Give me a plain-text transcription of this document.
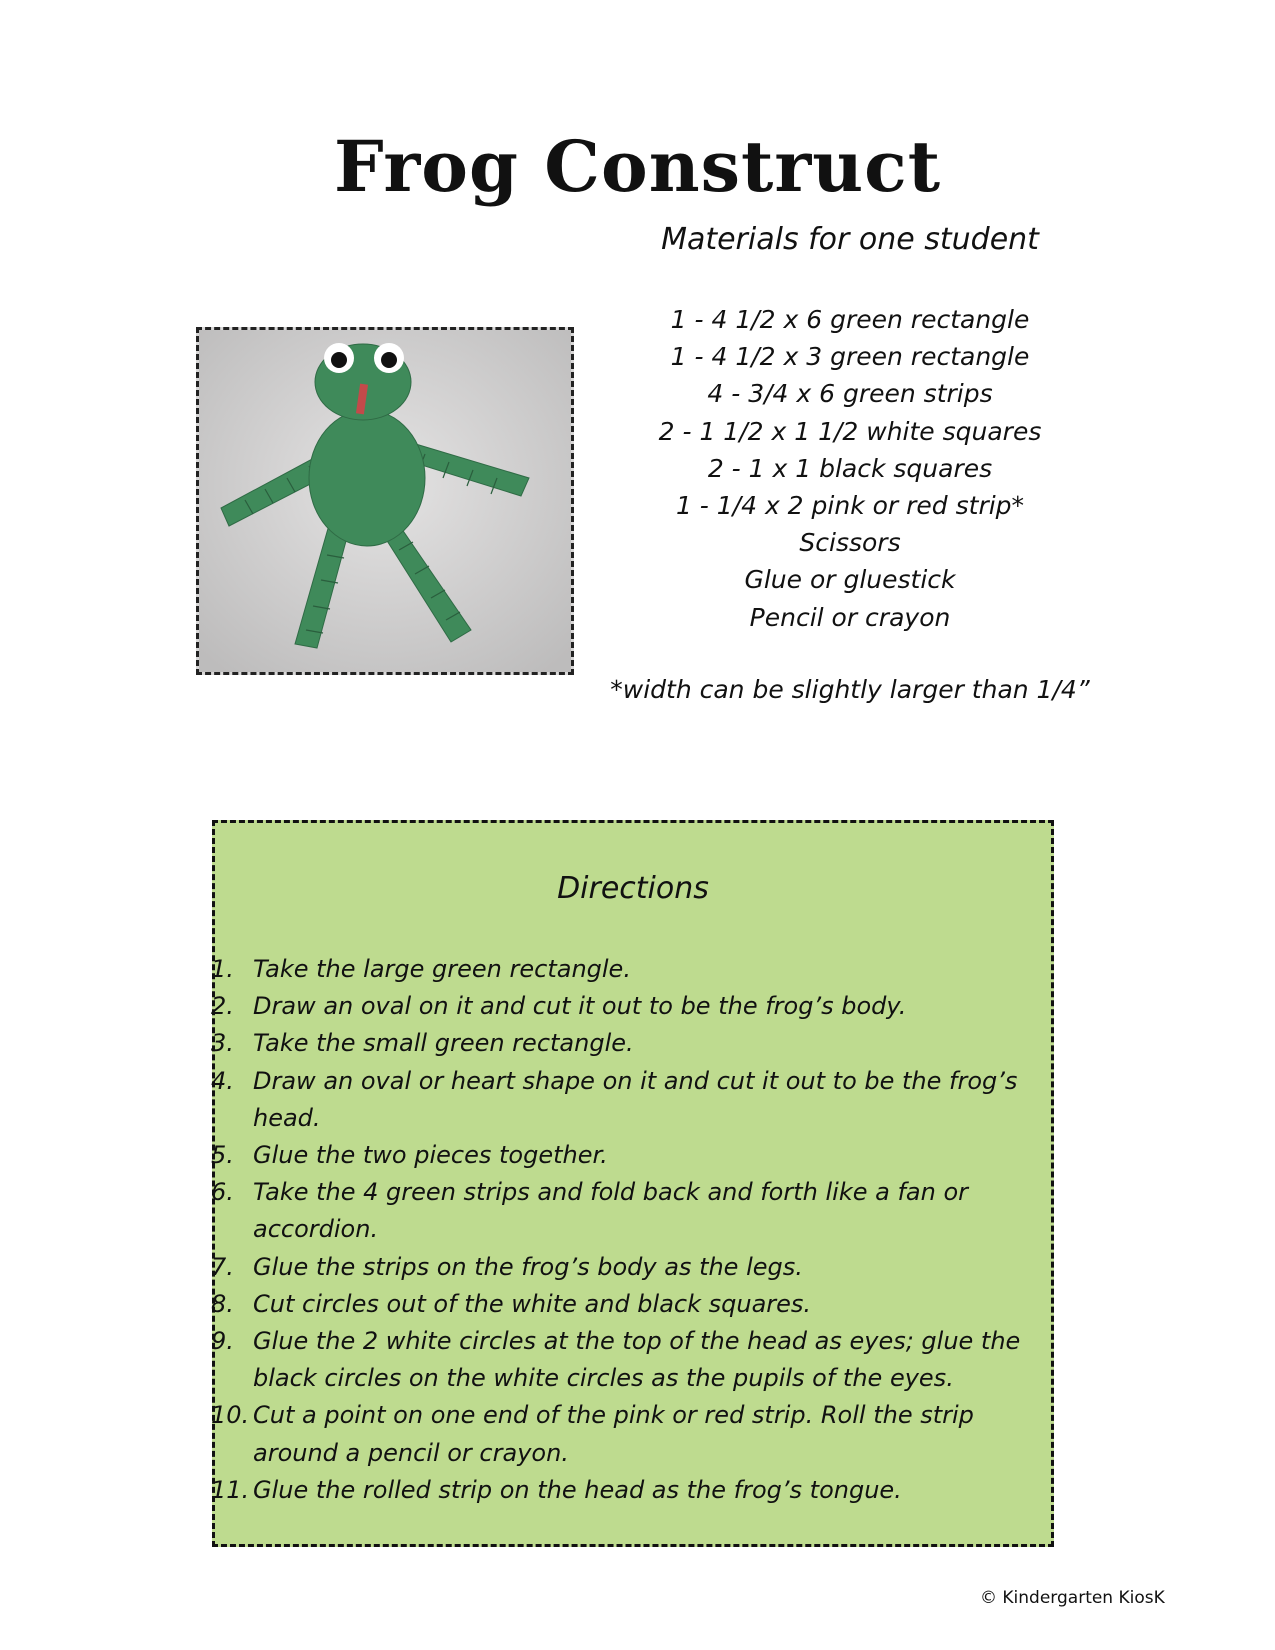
Frog Construct
Materials for one student
1 - 4 1/2 x 6 green rectangle
1 - 4 1/2 x 3 green rectangle
4 - 3/4 x 6 green strips
2 - 1 1/2 x 1 1/2 white squares
2 - 1 x 1 black squares
1 - 1/4 x 2 pink or red strip*
Scissors
Glue or gluestick
Pencil or crayon
*width can be slightly larger than 1/4”
Directions
1. Take the large green rectangle.
2. Draw an oval on it and cut it out to be the frog’s body.
3. Take the small green rectangle.
4. Draw an oval or heart shape on it and cut it out to be the frog’s head.
5. Glue the two pieces together.
6. Take the 4 green strips and fold back and forth like a fan or accordion.
7. Glue the strips on the frog’s body as the legs.
8. Cut circles out of the white and black squares.
9. Glue the 2 white circles at the top of the head as eyes; glue the black circles on the white circles as the pupils of the eyes.
10. Cut a point on one end of the pink or red strip. Roll the strip around a pencil or crayon.
11. Glue the rolled strip on the head as the frog’s tongue.
© Kindergarten KiosK
